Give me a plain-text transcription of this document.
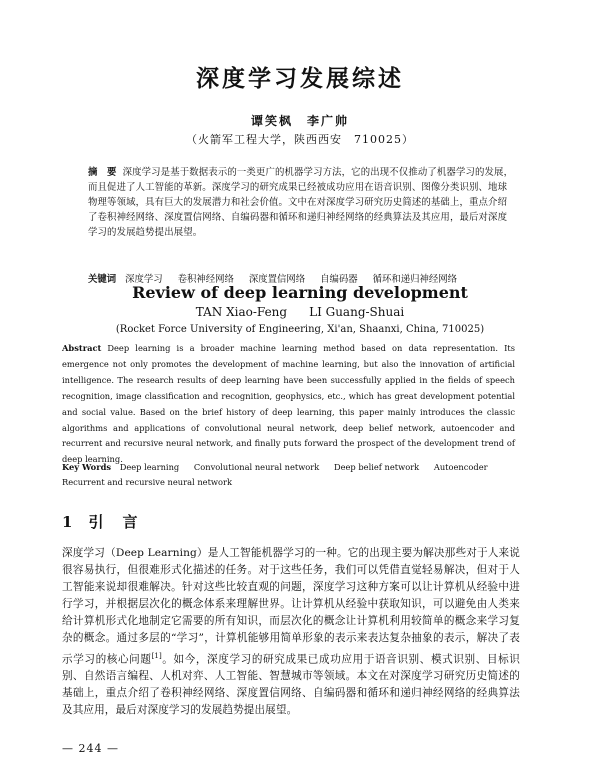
深度学习发展综述
谭笑枫　李广帅
（火箭军工程大学，陕西西安　710025）
摘　要 深度学习是基于数据表示的一类更广的机器学习方法，它的出现不仅推动了机器学习的发展，而且促进了人工智能的革新。深度学习的研究成果已经被成功应用在语音识别、图像分类识别、地球物理等领域，具有巨大的发展潜力和社会价值。文中在对深度学习研究历史简述的基础上，重点介绍了卷积神经网络、深度置信网络、自编码器和循环和递归神经网络的经典算法及其应用，最后对深度学习的发展趋势提出展望。
关键词 深度学习 卷积神经网络 深度置信网络 自编码器 循环和递归神经网络
Review of deep learning development
TAN Xiao-Feng LI Guang-Shuai
(Rocket Force University of Engineering, Xi'an, Shaanxi, China, 710025)
Abstract Deep learning is a broader machine learning method based on data representation. Its emergence not only promotes the development of machine learning, but also the innovation of artificial intelligence. The research results of deep learning have been successfully applied in the fields of speech recognition, image classification and recognition, geophysics, etc., which has great development potential and social value. Based on the brief history of deep learning, this paper mainly introduces the classic algorithms and applications of convolutional neural network, deep belief network, autoencoder and recurrent and recursive neural network, and finally puts forward the prospect of the development trend of deep learning.
Key Words Deep learning Convolutional neural network Deep belief network Autoencoder Recurrent and recursive neural network
1 引　言
深度学习（Deep Learning）是人工智能机器学习的一种。它的出现主要为解决那些对于人来说很容易执行，但很难形式化描述的任务。对于这些任务，我们可以凭借直觉轻易解决，但对于人工智能来说却很难解决。针对这些比较直观的问题，深度学习这种方案可以让计算机从经验中进行学习，并根据层次化的概念体系来理解世界。让计算机从经验中获取知识，可以避免由人类来给计算机形式化地制定它需要的所有知识，而层次化的概念让计算机利用较简单的概念来学习复杂的概念。通过多层的“学习”，计算机能够用简单形象的表示来表达复杂抽象的表示，解决了表示学习的核心问题[1]。如今，深度学习的研究成果已成功应用于语音识别、模式识别、目标识别、自然语言编程、人机对弈、人工智能、智慧城市等领域。本文在对深度学习研究历史简述的基础上，重点介绍了卷积神经网络、深度置信网络、自编码器和循环和递归神经网络的经典算法及其应用，最后对深度学习的发展趋势提出展望。
— 244 —
